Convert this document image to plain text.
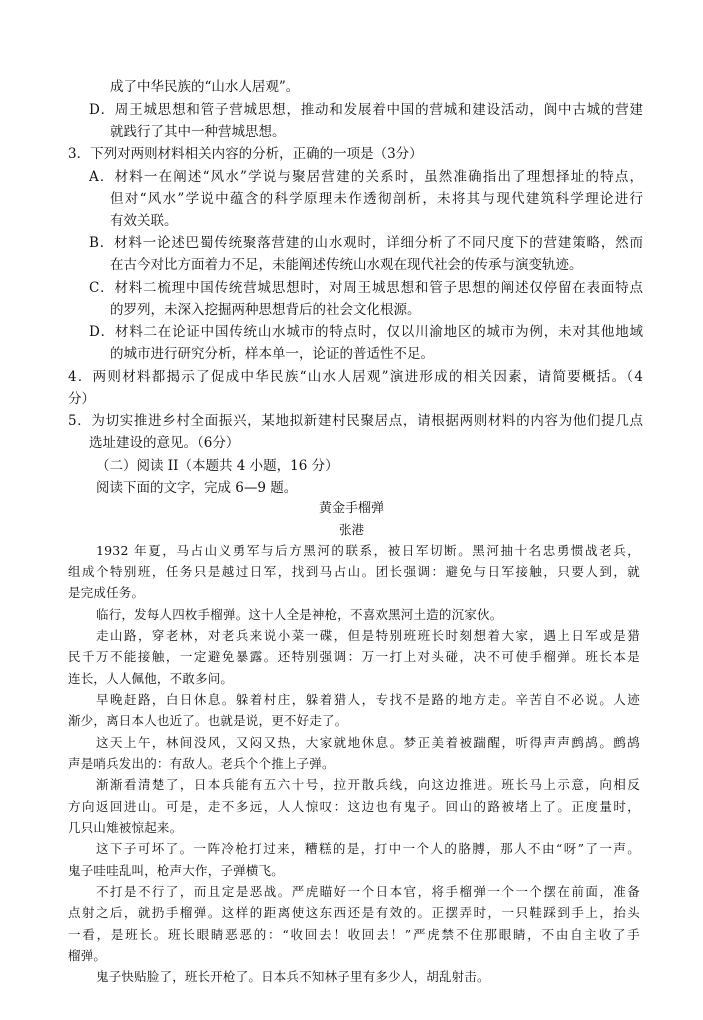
成了中华民族的“山水人居观”。
D．周王城思想和管子营城思想，推动和发展着中国的营城和建设活动，阆中古城的营建
就践行了其中一种营城思想。
3．下列对两则材料相关内容的分析，正确的一项是（3分）
A．材料一在阐述“风水”学说与聚居营建的关系时，虽然准确指出了理想择址的特点，
但对“风水”学说中蕴含的科学原理未作透彻剖析，未将其与现代建筑科学理论进行
有效关联。
B．材料一论述巴蜀传统聚落营建的山水观时，详细分析了不同尺度下的营建策略，然而
在古今对比方面着力不足，未能阐述传统山水观在现代社会的传承与演变轨迹。
C．材料二梳理中国传统营城思想时，对周王城思想和管子思想的阐述仅停留在表面特点
的罗列，未深入挖掘两种思想背后的社会文化根源。
D．材料二在论证中国传统山水城市的特点时，仅以川渝地区的城市为例，未对其他地域
的城市进行研究分析，样本单一，论证的普适性不足。
4．两则材料都揭示了促成中华民族“山水人居观”演进形成的相关因素，请简要概括。（4
分）
5．为切实推进乡村全面振兴，某地拟新建村民聚居点，请根据两则材料的内容为他们提几点
选址建设的意见。（6分）
（二）阅读 II（本题共 4 小题，16 分）
阅读下面的文字，完成 6—9 题。
黄金手榴弹
张港
1932 年夏，马占山义勇军与后方黑河的联系，被日军切断。黑河抽十名忠勇惯战老兵，
组成个特别班，任务只是越过日军，找到马占山。团长强调：避免与日军接触，只要人到，就
是完成任务。
临行，发每人四枚手榴弹。这十人全是神枪，不喜欢黑河土造的沉家伙。
走山路，穿老林，对老兵来说小菜一碟，但是特别班班长时刻想着大家，遇上日军或是猎
民千万不能接触，一定避免暴露。还特别强调：万一打上对头碰，决不可使手榴弹。班长本是
连长，人人佩他，不敢多问。
早晚赶路，白日休息。躲着村庄，躲着猎人，专找不是路的地方走。辛苦自不必说。人迹
渐少，离日本人也近了。也就是说，更不好走了。
这天上午，林间没风，又闷又热，大家就地休息。梦正美着被踹醒，听得声声鹧鸪。鹧鸪
声是哨兵发出的：有敌人。老兵个个推上子弹。
渐渐看清楚了，日本兵能有五六十号，拉开散兵线，向这边推进。班长马上示意，向相反
方向返回进山。可是，走不多远，人人惊叹：这边也有鬼子。回山的路被堵上了。正度量时，
几只山雉被惊起来。
这下子可坏了。一阵冷枪打过来，糟糕的是，打中一个人的胳膊，那人不由“呀”了一声。
鬼子哇哇乱叫，枪声大作，子弹横飞。
不打是不行了，而且定是恶战。严虎瞄好一个日本官，将手榴弹一个一个摆在前面，准备
点射之后，就扔手榴弹。这样的距离使这东西还是有效的。正摆弄时，一只鞋踩到手上，抬头
一看，是班长。班长眼睛恶恶的：“收回去！收回去！”严虎禁不住那眼睛，不由自主收了手
榴弹。
鬼子快贴脸了，班长开枪了。日本兵不知林子里有多少人，胡乱射击。
